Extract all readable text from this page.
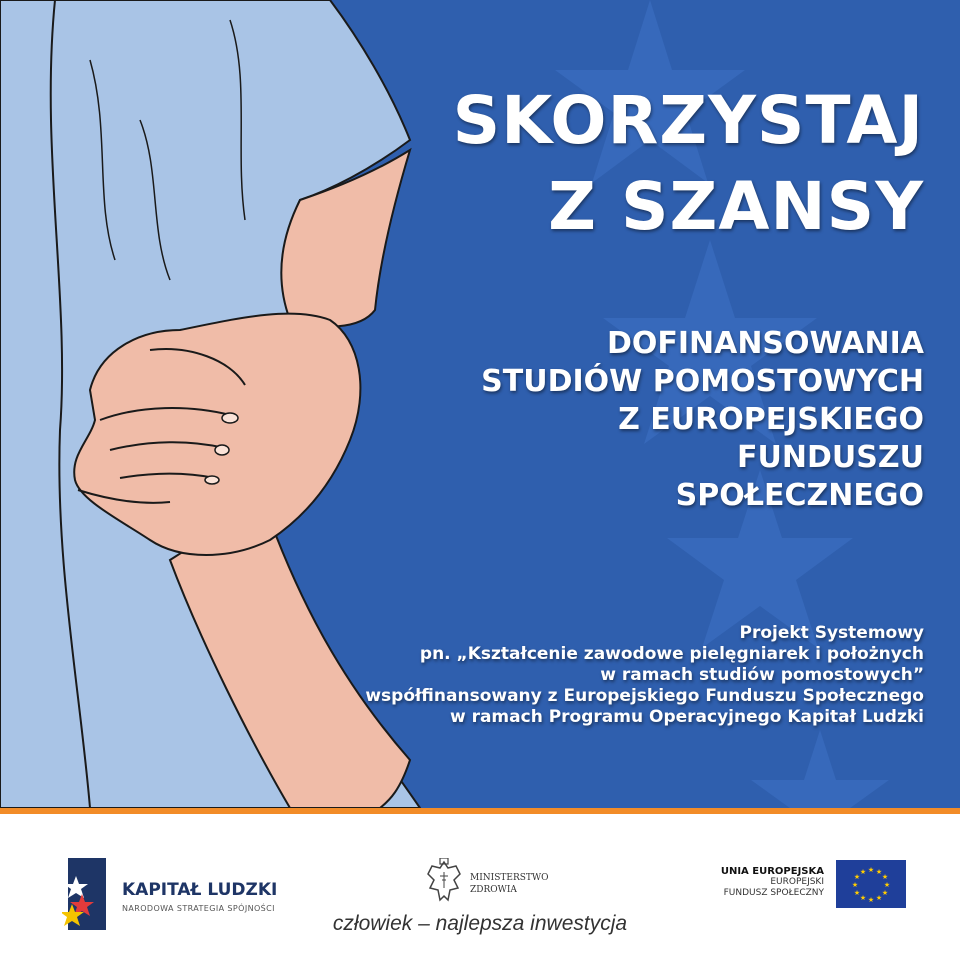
SKORZYSTAJ
Z SZANSY
DOFINANSOWANIA
STUDIÓW POMOSTOWYCH
Z EUROPEJSKIEGO
FUNDUSZU
SPOŁECZNEGO
Projekt Systemowy
pn. „Kształcenie zawodowe pielęgniarek i położnych
w ramach studiów pomostowych”
współfinansowany z Europejskiego Funduszu Społecznego
w ramach Programu Operacyjnego Kapitał Ludzki
KAPITAŁ LUDZKI
NARODOWA STRATEGIA SPÓJNOŚCI
MINISTERSTWO
ZDROWIA
UNIA EUROPEJSKA
EUROPEJSKI
FUNDUSZ SPOŁECZNY
★ ★
★
★
★
★
★
★
★
★
★
★
człowiek – najlepsza inwestycja
